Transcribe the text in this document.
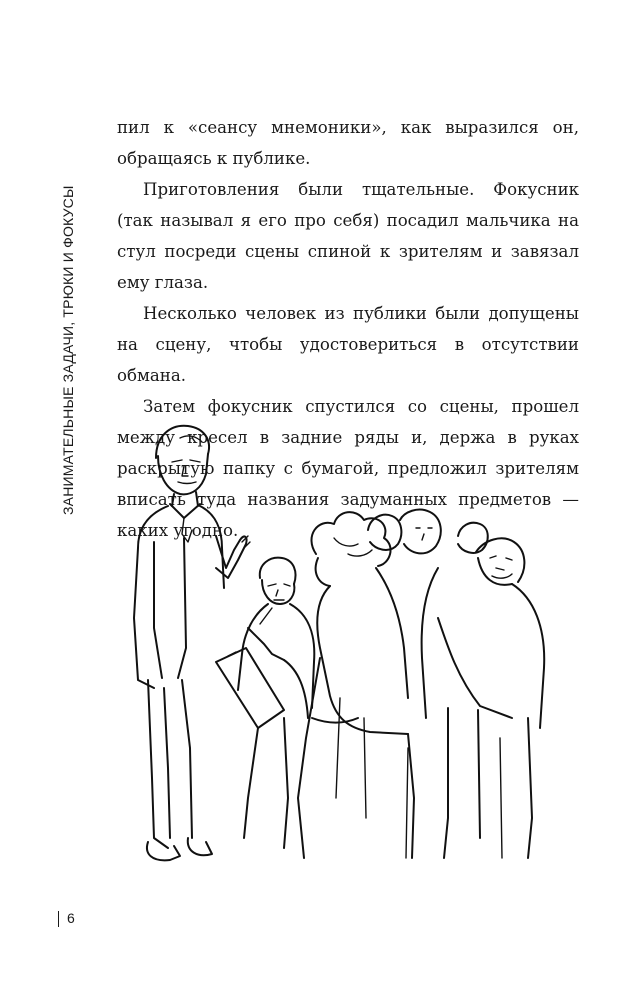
ЗАНИМАТЕЛЬНЫЕ ЗАДАЧИ, ТРЮКИ И ФОКУСЫ

пил к «сеансу мнемоники», как выразился он, обращаясь к публике.

Приготовления были тщательные. Фокусник (так называл я его про себя) посадил мальчика на стул посреди сцены спиной к зрителям и завязал ему глаза.

Несколько человек из публики были допущены на сцену, чтобы удостовериться в отсутствии обмана.

Затем фокусник спустился со сцены, прошел между кресел в задние ряды и, держа в руках раскрытую папку с бумагой, предложил зрителям вписать туда названия задуманных предметов — каких угодно.

6
